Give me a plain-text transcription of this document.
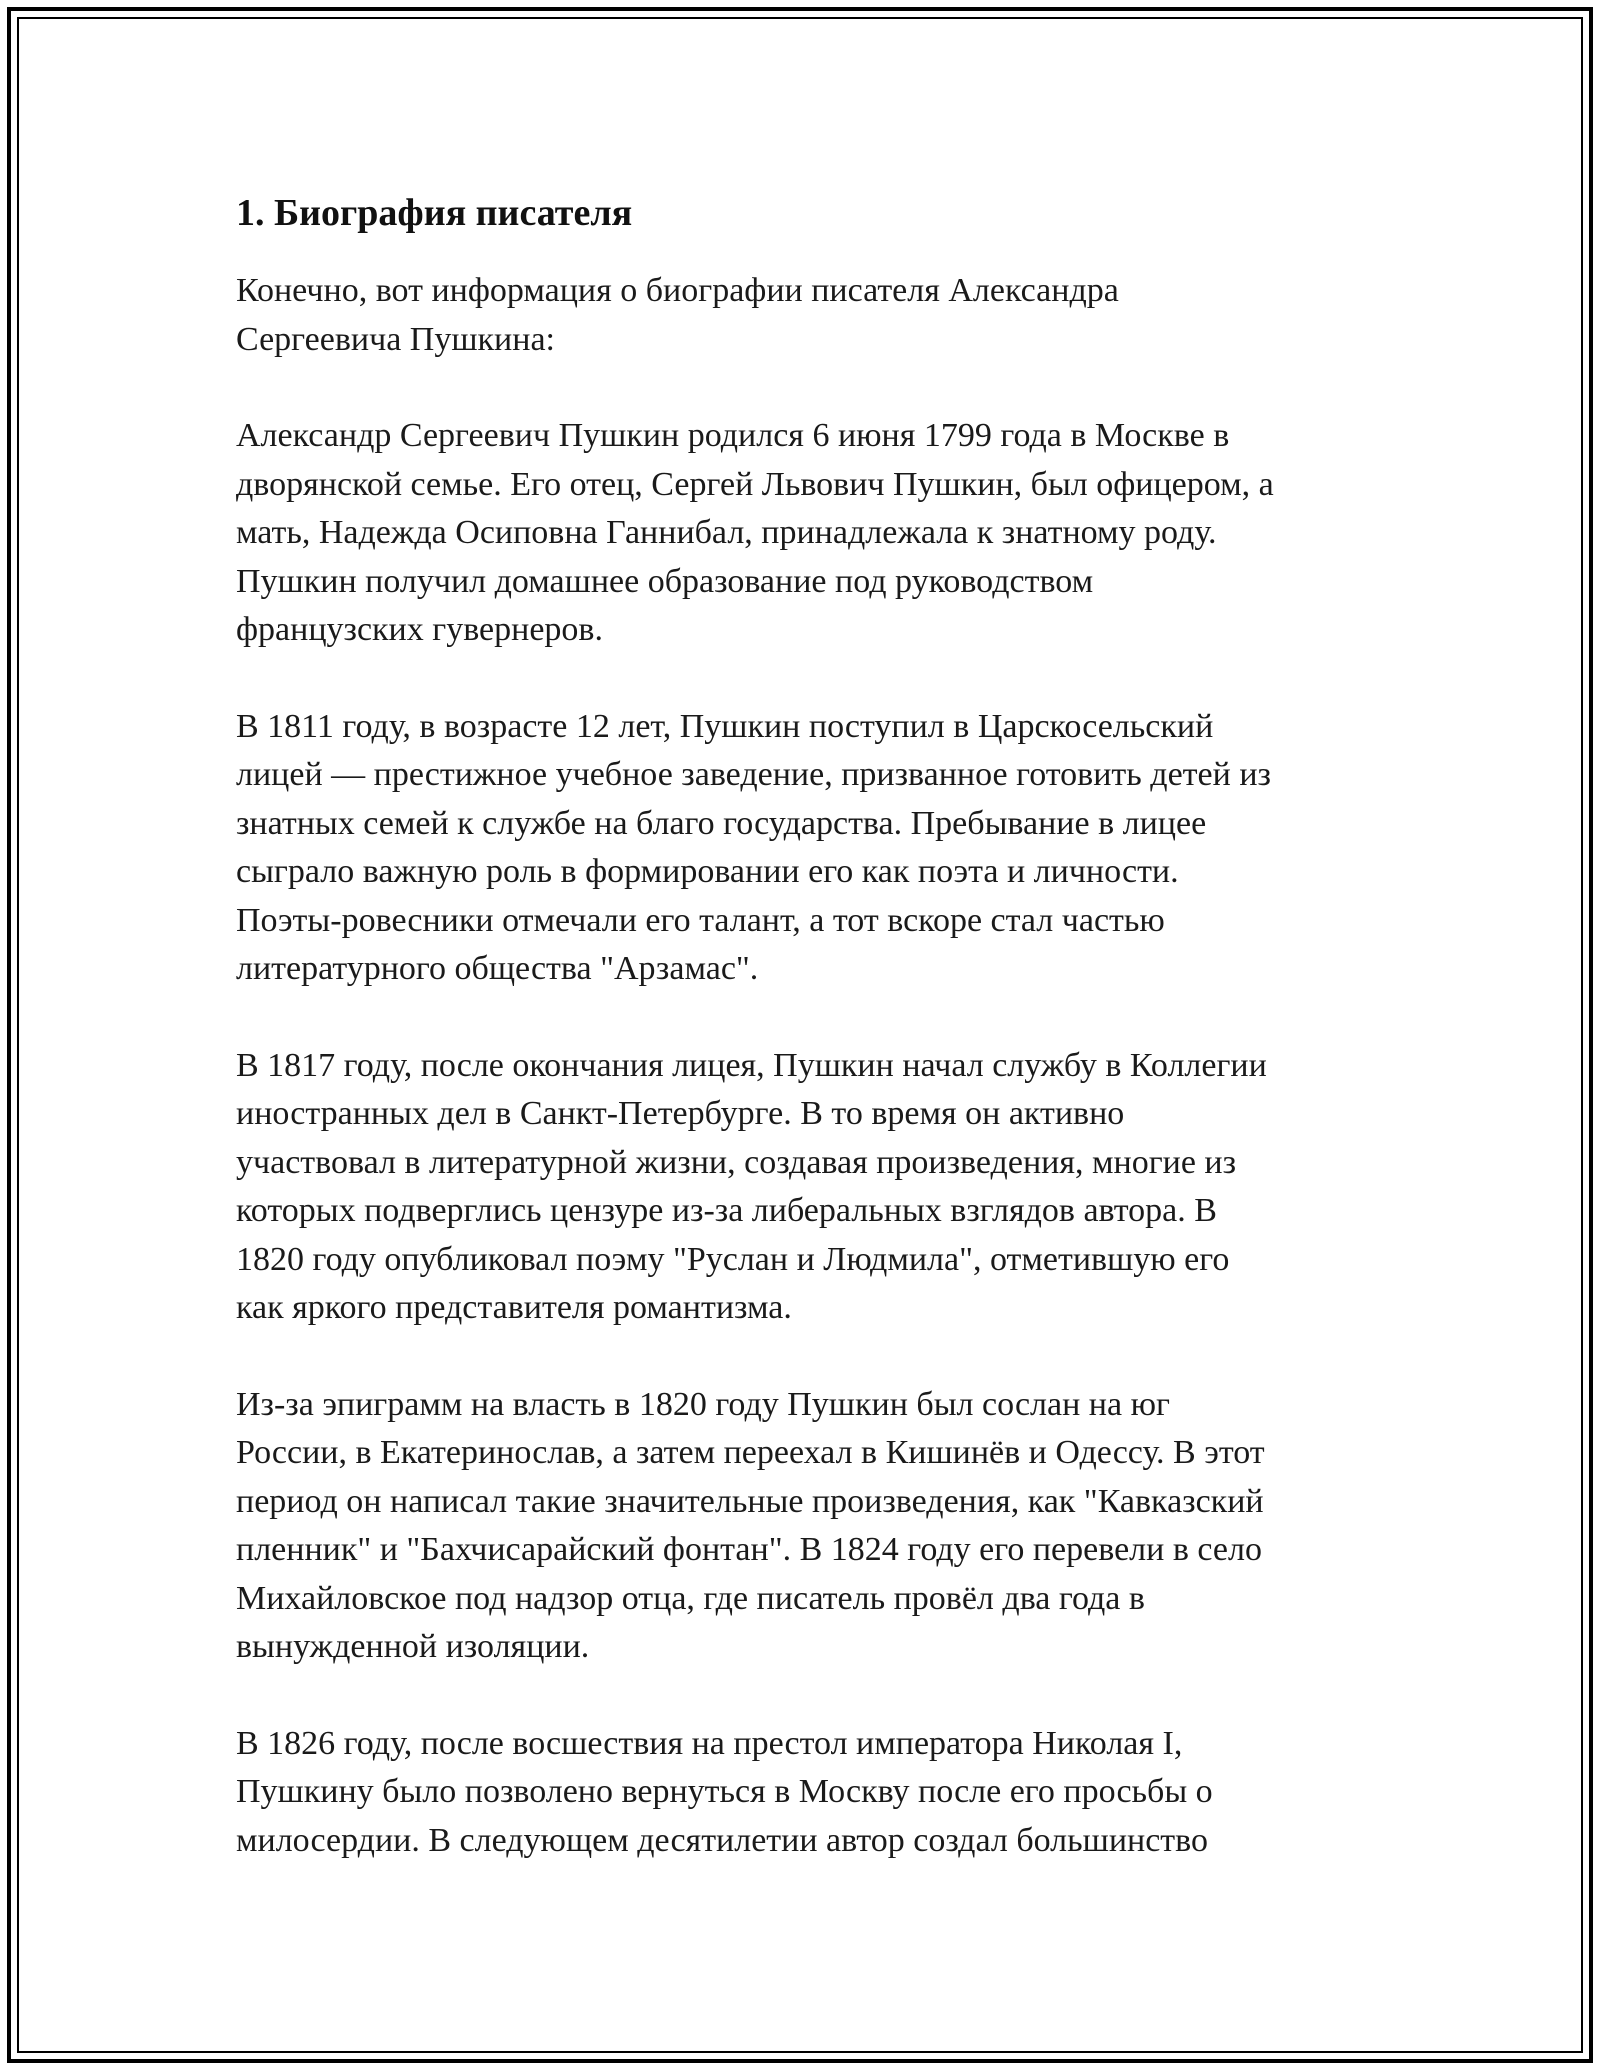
1. Биография писателя

Конечно, вот информация о биографии писателя Александра
Сергеевича Пушкина:

Александр Сергеевич Пушкин родился 6 июня 1799 года в Москве в
дворянской семье. Его отец, Сергей Львович Пушкин, был офицером, а
мать, Надежда Осиповна Ганнибал, принадлежала к знатному роду.
Пушкин получил домашнее образование под руководством
французских гувернеров.

В 1811 году, в возрасте 12 лет, Пушкин поступил в Царскосельский
лицей — престижное учебное заведение, призванное готовить детей из
знатных семей к службе на благо государства. Пребывание в лицее
сыграло важную роль в формировании его как поэта и личности.
Поэты-ровесники отмечали его талант, а тот вскоре стал частью
литературного общества "Арзамас".

В 1817 году, после окончания лицея, Пушкин начал службу в Коллегии
иностранных дел в Санкт-Петербурге. В то время он активно
участвовал в литературной жизни, создавая произведения, многие из
которых подверглись цензуре из-за либеральных взглядов автора. В
1820 году опубликовал поэму "Руслан и Людмила", отметившую его
как яркого представителя романтизма.

Из-за эпиграмм на власть в 1820 году Пушкин был сослан на юг
России, в Екатеринослав, а затем переехал в Кишинёв и Одессу. В этот
период он написал такие значительные произведения, как "Кавказский
пленник" и "Бахчисарайский фонтан". В 1824 году его перевели в село
Михайловское под надзор отца, где писатель провёл два года в
вынужденной изоляции.

В 1826 году, после восшествия на престол императора Николая I,
Пушкину было позволено вернуться в Москву после его просьбы о
милосердии. В следующем десятилетии автор создал большинство
